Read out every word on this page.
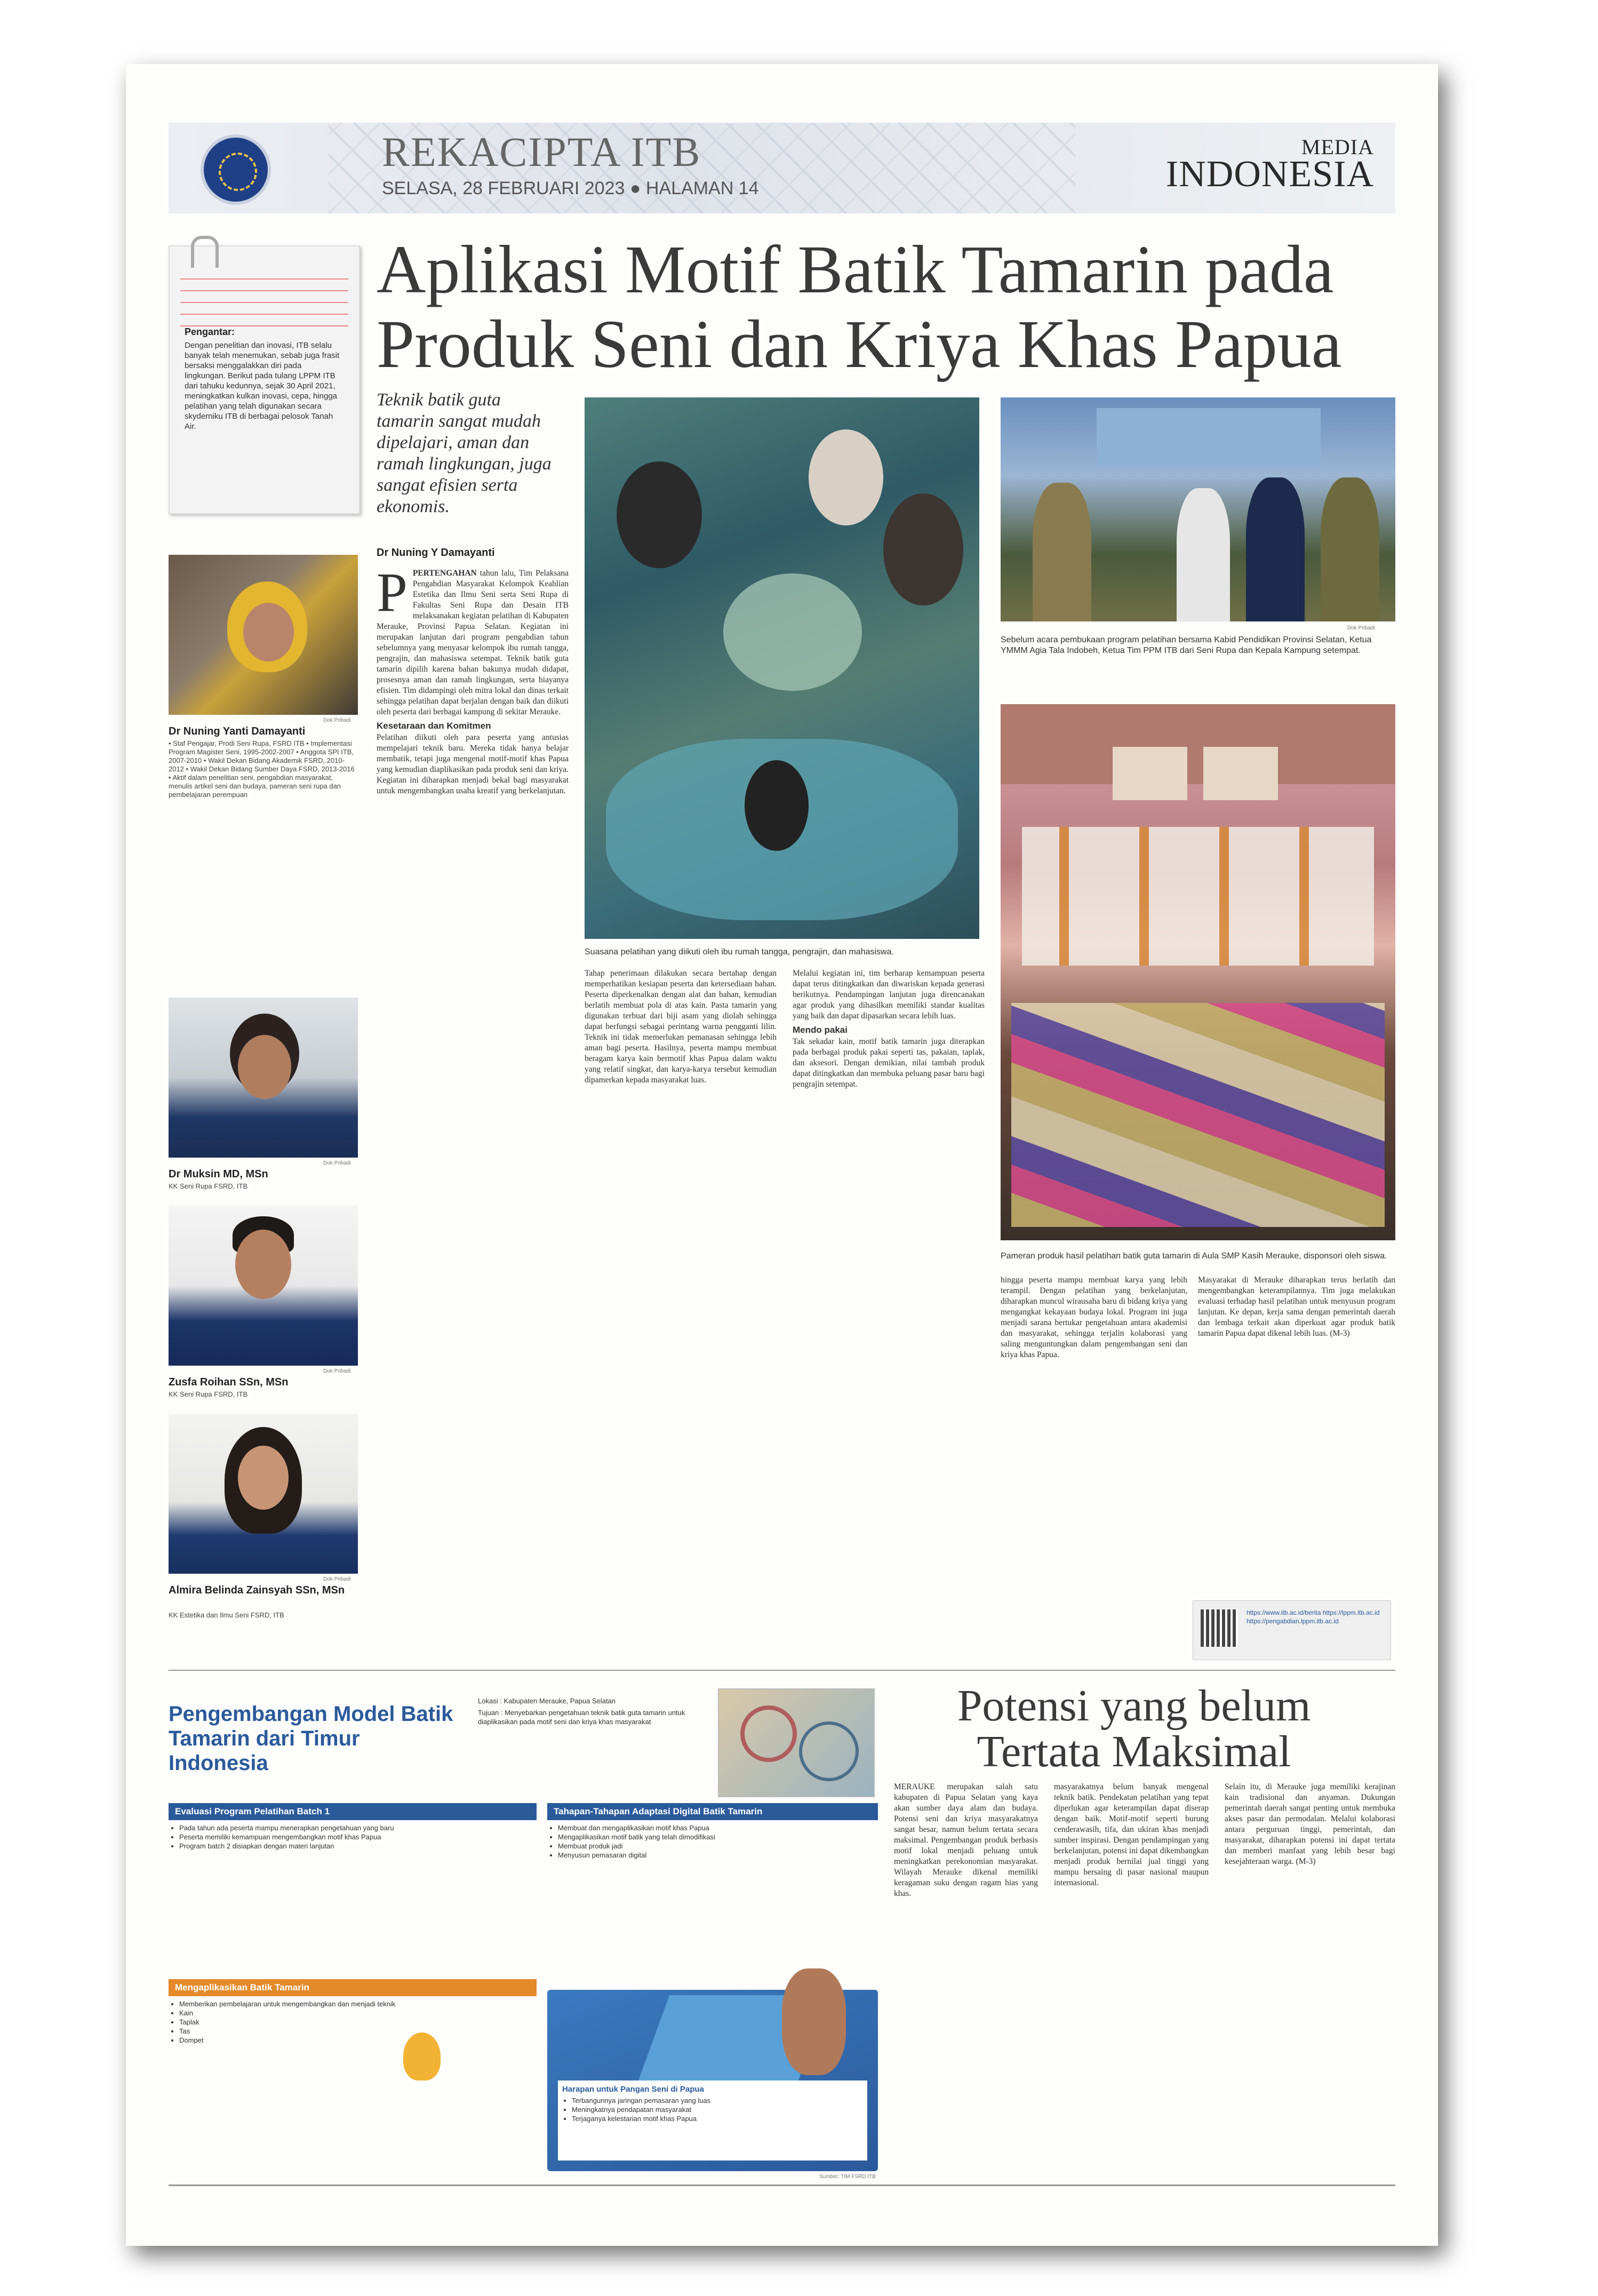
REKACIPTA ITB
SELASA, 28 FEBRUARI 2023 ● HALAMAN 14
MEDIA
INDONESIA
Aplikasi Motif Batik Tamarin pada
Produk Seni dan Kriya Khas Papua
Pengantar:
Dengan penelitian dan inovasi, ITB selalu banyak telah menemukan, sebab juga frasit bersaksi menggalakkan diri pada lingkungan. Berikut pada tulang LPPM ITB dari tahuku kedunnya, sejak 30 April 2021, meningkatkan kulkan inovasi, cepa, hingga pelatihan yang telah digunakan secara skyderniku ITB di berbagai pelosok Tanah Air.
Teknik batik guta tamarin sangat mudah dipelajari, aman dan ramah lingkungan, juga sangat efisien serta ekonomis.
Dr Nuning Y Damayanti
Dok Pribadi
Dr Nuning Yanti Damayanti
• Staf Pengajar, Prodi Seni Rupa, FSRD ITB • Implementasi Program Magister Seni, 1995-2002-2007 • Anggota SPI ITB, 2007-2010 • Wakil Dekan Bidang Akademik FSRD, 2010-2012 • Wakil Dekan Bidang Sumber Daya FSRD, 2013-2016 • Aktif dalam penelitian seni, pengabdian masyarakat, menulis artikel seni dan budaya, pameran seni rupa dan pembelajaran perempuan
Dok Pribadi
Dr Muksin MD, MSn
KK Seni Rupa FSRD, ITB
Dok Pribadi
Zusfa Roihan SSn, MSn
KK Seni Rupa FSRD, ITB
Dok Pribadi
Almira Belinda Zainsyah SSn, MSn
KK Estetika dan Ilmu Seni FSRD, ITB
Suasana pelatihan yang diikuti oleh ibu rumah tangga, pengrajin, dan mahasiswa.
Dok Pribadi
Sebelum acara pembukaan program pelatihan bersama Kabid Pendidikan Provinsi Selatan, Ketua YMMM Agia Tala Indobeh, Ketua Tim PPM ITB dari Seni Rupa dan Kepala Kampung setempat.
Pameran produk hasil pelatihan batik guta tamarin di Aula SMP Kasih Merauke, disponsori oleh siswa.
P PERTENGAHAN tahun lalu, Tim Pelaksana Pengabdian Masyarakat Kelompok Keahlian Estetika dan Ilmu Seni serta Seni Rupa di Fakultas Seni Rupa dan Desain ITB melaksanakan kegiatan pelatihan di Kabupaten Merauke, Provinsi Papua Selatan. Kegiatan ini merupakan lanjutan dari program pengabdian tahun sebelumnya yang menyasar kelompok ibu rumah tangga, pengrajin, dan mahasiswa setempat. Teknik batik guta tamarin dipilih karena bahan bakunya mudah didapat, prosesnya aman dan ramah lingkungan, serta biayanya efisien. Tim didampingi oleh mitra lokal dan dinas terkait sehingga pelatihan dapat berjalan dengan baik dan diikuti oleh peserta dari berbagai kampung di sekitar Merauke.
Kesetaraan dan Komitmen
Pelatihan diikuti oleh para peserta yang antusias mempelajari teknik baru. Mereka tidak hanya belajar membatik, tetapi juga mengenal motif-motif khas Papua yang kemudian diaplikasikan pada produk seni dan kriya. Kegiatan ini diharapkan menjadi bekal bagi masyarakat untuk mengembangkan usaha kreatif yang berkelanjutan.
Tahap penerimaan dilakukan secara bertahap dengan memperhatikan kesiapan peserta dan ketersediaan bahan. Peserta diperkenalkan dengan alat dan bahan, kemudian berlatih membuat pola di atas kain. Pasta tamarin yang digunakan terbuat dari biji asam yang diolah sehingga dapat berfungsi sebagai perintang warna pengganti lilin. Teknik ini tidak memerlukan pemanasan sehingga lebih aman bagi peserta. Hasilnya, peserta mampu membuat beragam karya kain bermotif khas Papua dalam waktu yang relatif singkat, dan karya-karya tersebut kemudian dipamerkan kepada masyarakat luas.
Melalui kegiatan ini, tim berharap kemampuan peserta dapat terus ditingkatkan dan diwariskan kepada generasi berikutnya. Pendampingan lanjutan juga direncanakan agar produk yang dihasilkan memiliki standar kualitas yang baik dan dapat dipasarkan secara lebih luas.
Mendo pakai
Tak sekadar kain, motif batik tamarin juga diterapkan pada berbagai produk pakai seperti tas, pakaian, taplak, dan aksesori. Dengan demikian, nilai tambah produk dapat ditingkatkan dan membuka peluang pasar baru bagi pengrajin setempat.
hingga peserta mampu membuat karya yang lebih terampil. Dengan pelatihan yang berkelanjutan, diharapkan muncul wirausaha baru di bidang kriya yang mengangkat kekayaan budaya lokal. Program ini juga menjadi sarana bertukar pengetahuan antara akademisi dan masyarakat, sehingga terjalin kolaborasi yang saling menguntungkan dalam pengembangan seni dan kriya khas Papua.
Masyarakat di Merauke diharapkan terus berlatih dan mengembangkan keterampilannya. Tim juga melakukan evaluasi terhadap hasil pelatihan untuk menyusun program lanjutan. Ke depan, kerja sama dengan pemerintah daerah dan lembaga terkait akan diperkuat agar produk batik tamarin Papua dapat dikenal lebih luas. (M-3)
https://www.itb.ac.id/berita https://lppm.itb.ac.id https://pengabdian.lppm.itb.ac.id
Pengembangan Model Batik Tamarin dari Timur Indonesia
Lokasi : Kabupaten Merauke, Papua Selatan
Tujuan : Menyebarkan pengetahuan teknik batik guta tamarin untuk diaplikasikan pada motif seni dan kriya khas masyarakat
Evaluasi Program Pelatihan Batch 1
• Pada tahun ada peserta mampu menerapkan pengetahuan yang baru
• Peserta memiliki kemampuan mengembangkan motif khas Papua
• Program batch 2 disiapkan dengan materi lanjutan
Tahapan-Tahapan Adaptasi Digital Batik Tamarin
• Membuat dan mengaplikasikan motif khas Papua
• Mengaplikasikan motif batik yang telah dimodifikasi
• Membuat produk jadi
• Menyusun pemasaran digital
Mengaplikasikan Batik Tamarin
• Memberikan pembelajaran untuk mengembangkan dan menjadi teknik
• Kain
• Taplak
• Tas
• Dompet
Harapan untuk Pangan Seni di Papua
• Terbangunnya jaringan pemasaran yang luas
• Meningkatnya pendapatan masyarakat
• Terjaganya kelestarian motif khas Papua
Sumber: TIM FSRD ITB
Potensi yang belum
Tertata Maksimal
MERAUKE merupakan salah satu kabupaten di Papua Selatan yang kaya akan sumber daya alam dan budaya. Potensi seni dan kriya masyarakatnya sangat besar, namun belum tertata secara maksimal. Pengembangan produk berbasis motif lokal menjadi peluang untuk meningkatkan perekonomian masyarakat. Wilayah Merauke dikenal memiliki keragaman suku dengan ragam hias yang khas.
masyarakatnya belum banyak mengenal teknik batik. Pendekatan pelatihan yang tepat diperlukan agar keterampilan dapat diserap dengan baik. Motif-motif seperti burung cenderawasih, tifa, dan ukiran khas menjadi sumber inspirasi. Dengan pendampingan yang berkelanjutan, potensi ini dapat dikembangkan menjadi produk bernilai jual tinggi yang mampu bersaing di pasar nasional maupun internasional.
Selain itu, di Merauke juga memiliki kerajinan kain tradisional dan anyaman. Dukungan pemerintah daerah sangat penting untuk membuka akses pasar dan permodalan. Melalui kolaborasi antara perguruan tinggi, pemerintah, dan masyarakat, diharapkan potensi ini dapat tertata dan memberi manfaat yang lebih besar bagi kesejahteraan warga. (M-3)
